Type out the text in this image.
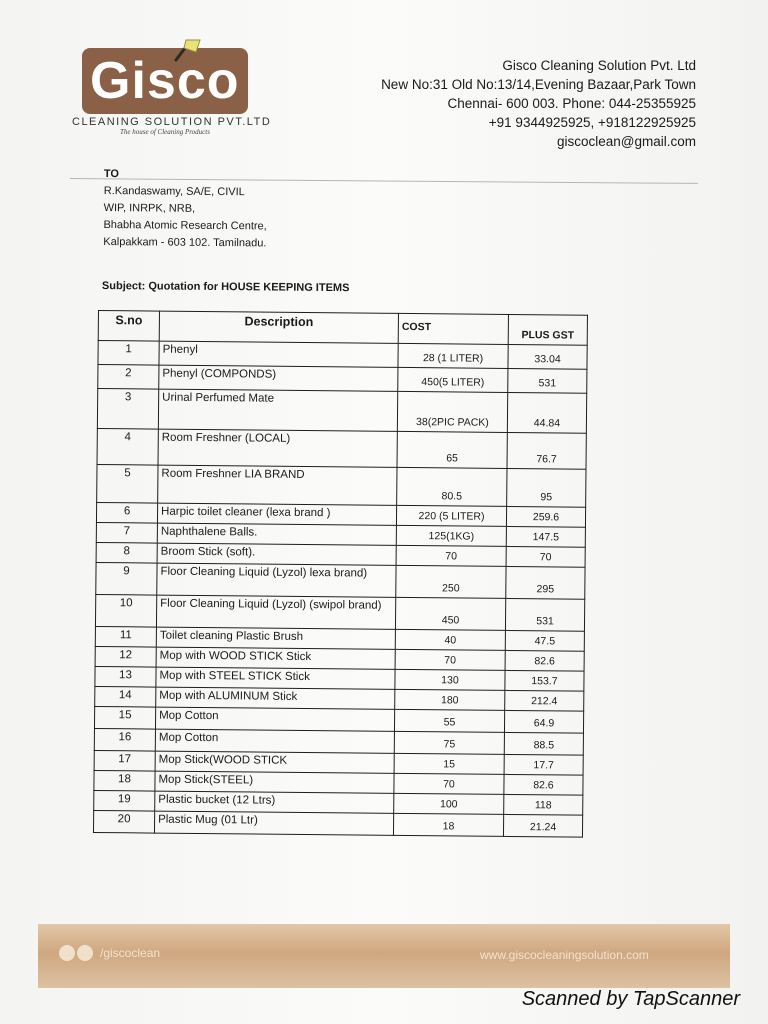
Gisco
CLEANING SOLUTION PVT.LTD
The house of Cleaning Products
Gisco Cleaning Solution Pvt. Ltd
New No:31 Old No:13/14,Evening Bazaar,Park Town
Chennai- 600 003. Phone: 044-25355925
+91 9344925925, +918122925925
giscoclean@gmail.com
TO
R.Kandaswamy, SA/E, CIVIL
WIP, INRPK, NRB,
Bhabha Atomic Research Centre,
Kalpakkam - 603 102. Tamilnadu.
Subject: Quotation for HOUSE KEEPING ITEMS
S.no	Description	COST	PLUS GST
1	Phenyl	28 (1 LITER)	33.04
2	Phenyl (COMPONDS)	450(5 LITER)	531
3	Urinal Perfumed Mate	38(2PIC PACK)	44.84
4	Room Freshner (LOCAL)	65	76.7
5	Room Freshner LIA BRAND	80.5	95
6	Harpic toilet cleaner (lexa brand )	220 (5 LITER)	259.6
7	Naphthalene Balls.	125(1KG)	147.5
8	Broom Stick (soft).	70	70
9	Floor Cleaning Liquid (Lyzol) lexa brand)	250	295
10	Floor Cleaning Liquid (Lyzol) (swipol brand)	450	531
11	Toilet cleaning Plastic Brush	40	47.5
12	Mop with WOOD STICK Stick	70	82.6
13	Mop with STEEL STICK Stick	130	153.7
14	Mop with ALUMINUM Stick	180	212.4
15	Mop Cotton	55	64.9
16	Mop Cotton	75	88.5
17	Mop Stick(WOOD STICK	15	17.7
18	Mop Stick(STEEL)	70	82.6
19	Plastic bucket (12 Ltrs)	100	118
20	Plastic Mug (01 Ltr)	18	21.24
/giscoclean	www.giscocleaningsolution.com
Scanned by TapScanner
